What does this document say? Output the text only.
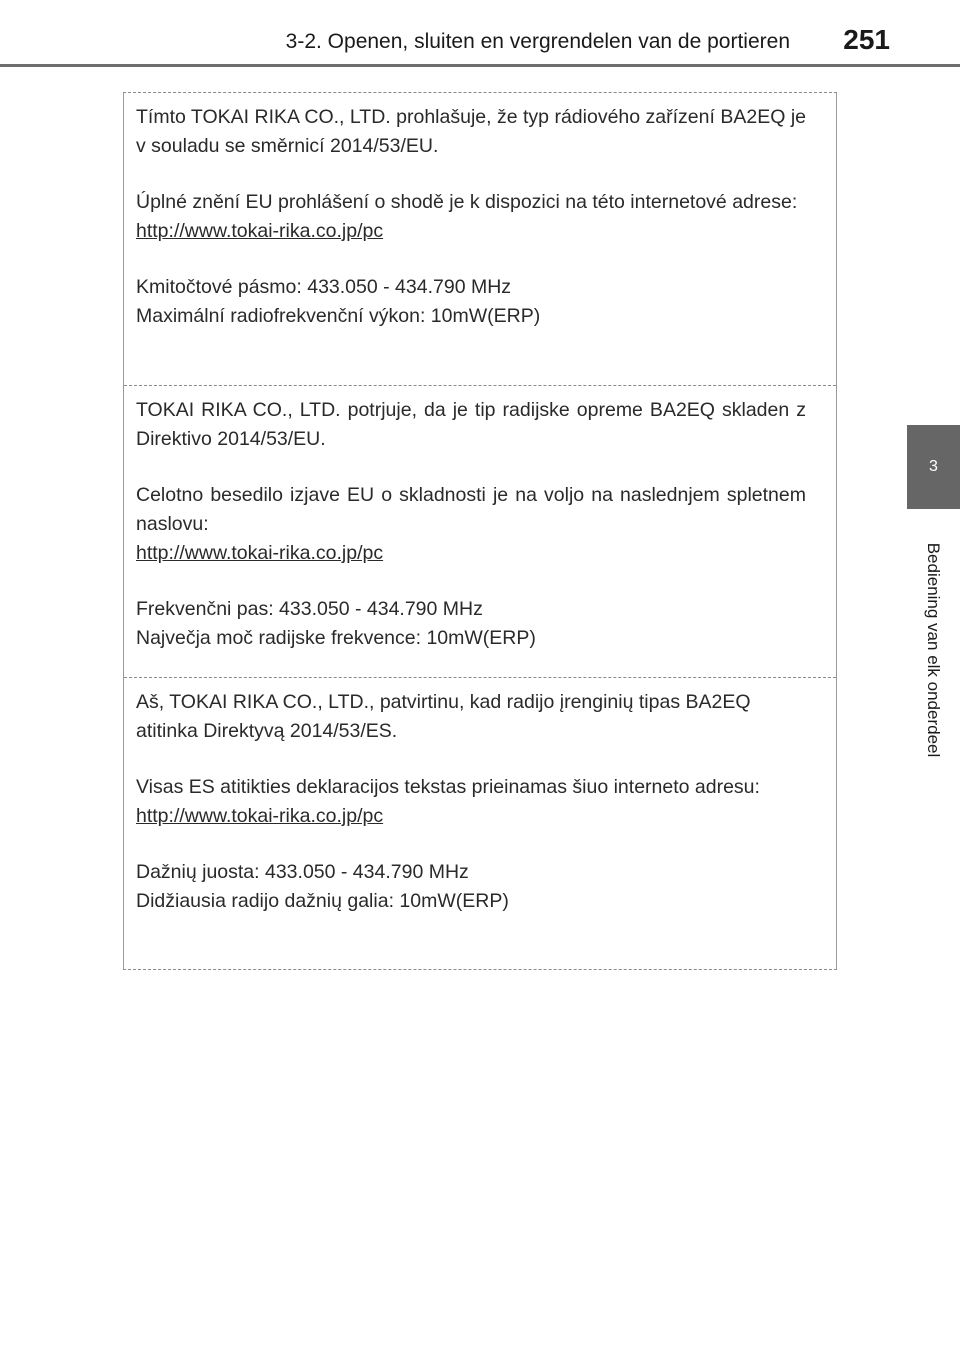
3-2. Openen, sluiten en vergrendelen van de portieren 251
3
Bediening van elk onderdeel

Tímto TOKAI RIKA CO., LTD. prohlašuje, že typ rádiového zařízení BA2EQ je v souladu se směrnicí 2014/53/EU.

Úplné znění EU prohlášení o shodě je k dispozici na této internetové adrese:

http://www.tokai-rika.co.jp/pc

Kmitočtové pásmo: 433.050 - 434.790 MHz

Maximální radiofrekvenční výkon: 10mW(ERP)

TOKAI RIKA CO., LTD. potrjuje, da je tip radijske opreme BA2EQ skladen z Direktivo 2014/53/EU.

Celotno besedilo izjave EU o skladnosti je na voljo na naslednjem spletnem naslovu:

http://www.tokai-rika.co.jp/pc

Frekvenčni pas: 433.050 - 434.790 MHz

Največja moč radijske frekvence: 10mW(ERP)

Aš, TOKAI RIKA CO., LTD., patvirtinu, kad radijo įrenginių tipas BA2EQ atitinka Direktyvą 2014/53/ES.

Visas ES atitikties deklaracijos tekstas prieinamas šiuo interneto adresu:

http://www.tokai-rika.co.jp/pc

Dažnių juosta: 433.050 - 434.790 MHz

Didžiausia radijo dažnių galia: 10mW(ERP)
